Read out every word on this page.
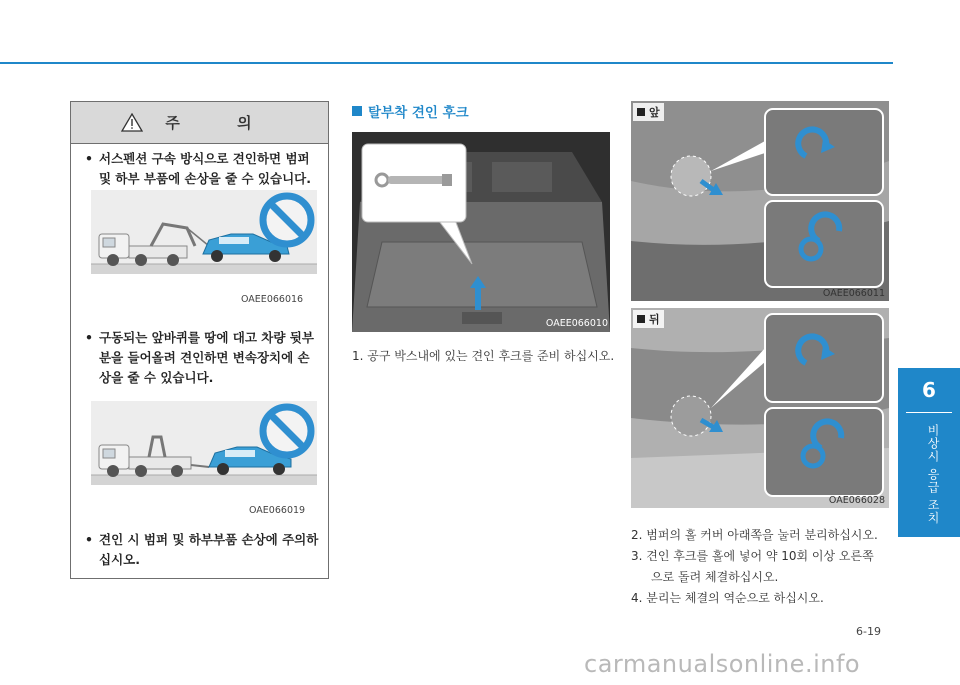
주 의
• 서스펜션 구속 방식으로 견인하면 범퍼 및 하부 부품에 손상을 줄 수 있습니다.
OAEE066016
• 구동되는 앞바퀴를 땅에 대고 차량 뒷부분을 들어올려 견인하면 변속장치에 손상을 줄 수 있습니다.
OAE066019
• 견인 시 범퍼 및 하부부품 손상에 주의하십시오.
탈부착 견인 후크
OAEE066010
1. 공구 박스내에 있는 견인 후크를 준비 하십시오.
앞
OAEE066011
뒤
OAE066028
2. 범퍼의 홀 커버 아래쪽을 눌러 분리하십시오.
3. 견인 후크를 홀에 넣어 약 10회 이상 오른쪽
으로 돌려 체결하십시오.
4. 분리는 체결의 역순으로 하십시오.
6
비상시 응급 조치
6-19
carmanualsonline.info
